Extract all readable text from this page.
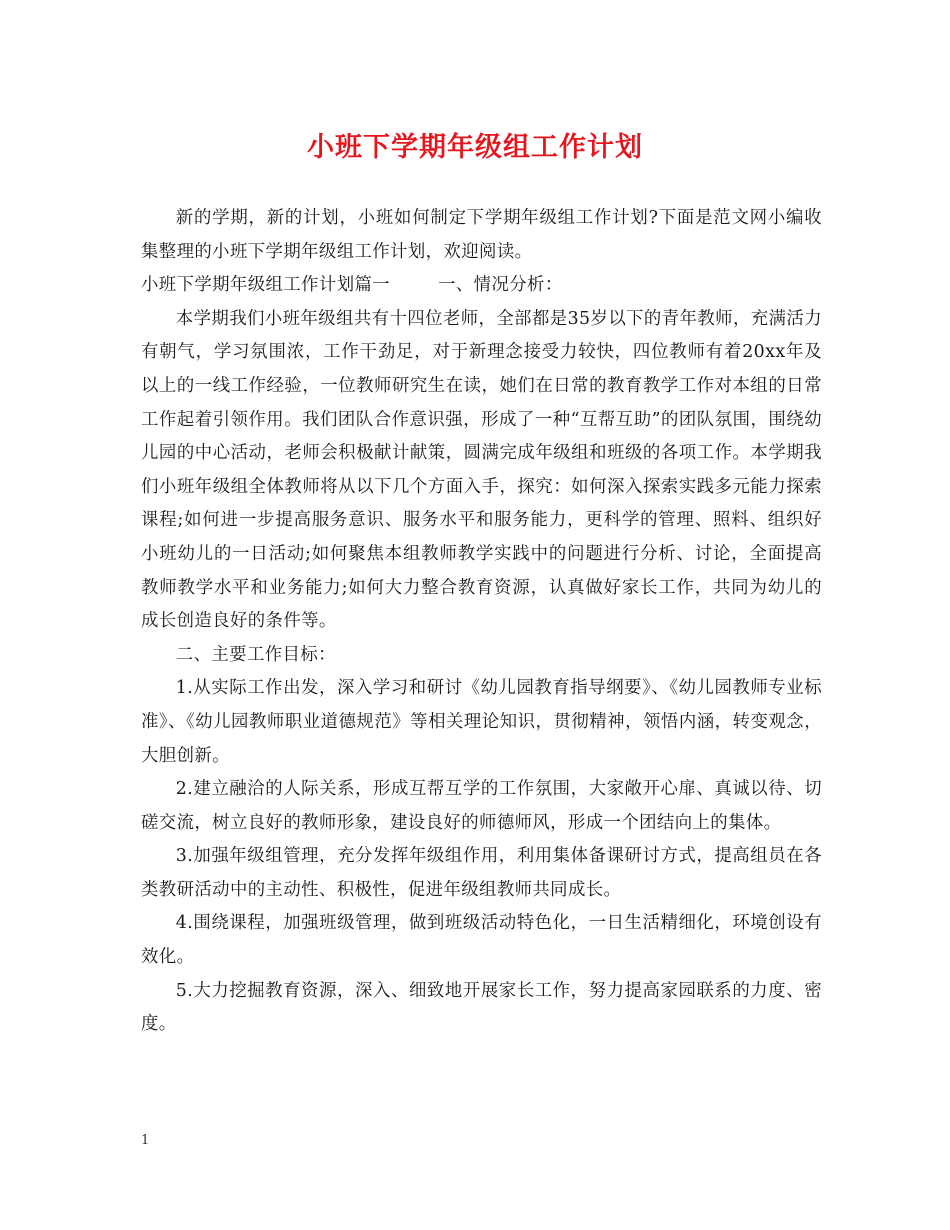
小班下学期年级组工作计划

新的学期，新的计划，小班如何制定下学期年级组工作计划?下面是范文网小编收集整理的小班下学期年级组工作计划，欢迎阅读。

小班下学期年级组工作计划篇一	一、情况分析：

本学期我们小班年级组共有十四位老师，全部都是35岁以下的青年教师，充满活力有朝气，学习氛围浓，工作干劲足，对于新理念接受力较快，四位教师有着20xx年及以上的一线工作经验，一位教师研究生在读，她们在日常的教育教学工作对本组的日常工作起着引领作用。我们团队合作意识强，形成了一种“互帮互助”的团队氛围，围绕幼儿园的中心活动，老师会积极献计献策，圆满完成年级组和班级的各项工作。本学期我们小班年级组全体教师将从以下几个方面入手，探究：如何深入探索实践多元能力探索课程;如何进一步提高服务意识、服务水平和服务能力，更科学的管理、照料、组织好小班幼儿的一日活动;如何聚焦本组教师教学实践中的问题进行分析、讨论，全面提高教师教学水平和业务能力;如何大力整合教育资源，认真做好家长工作，共同为幼儿的成长创造良好的条件等。

二、主要工作目标：

1.从实际工作出发，深入学习和研讨《幼儿园教育指导纲要》、《幼儿园教师专业标准》、《幼儿园教师职业道德规范》等相关理论知识，贯彻精神，领悟内涵，转变观念，大胆创新。

2.建立融洽的人际关系，形成互帮互学的工作氛围，大家敞开心扉、真诚以待、切磋交流，树立良好的教师形象，建设良好的师德师风，形成一个团结向上的集体。

3.加强年级组管理，充分发挥年级组作用，利用集体备课研讨方式，提高组员在各类教研活动中的主动性、积极性，促进年级组教师共同成长。

4.围绕课程，加强班级管理，做到班级活动特色化，一日生活精细化，环境创设有效化。

5.大力挖掘教育资源，深入、细致地开展家长工作，努力提高家园联系的力度、密度。

1
